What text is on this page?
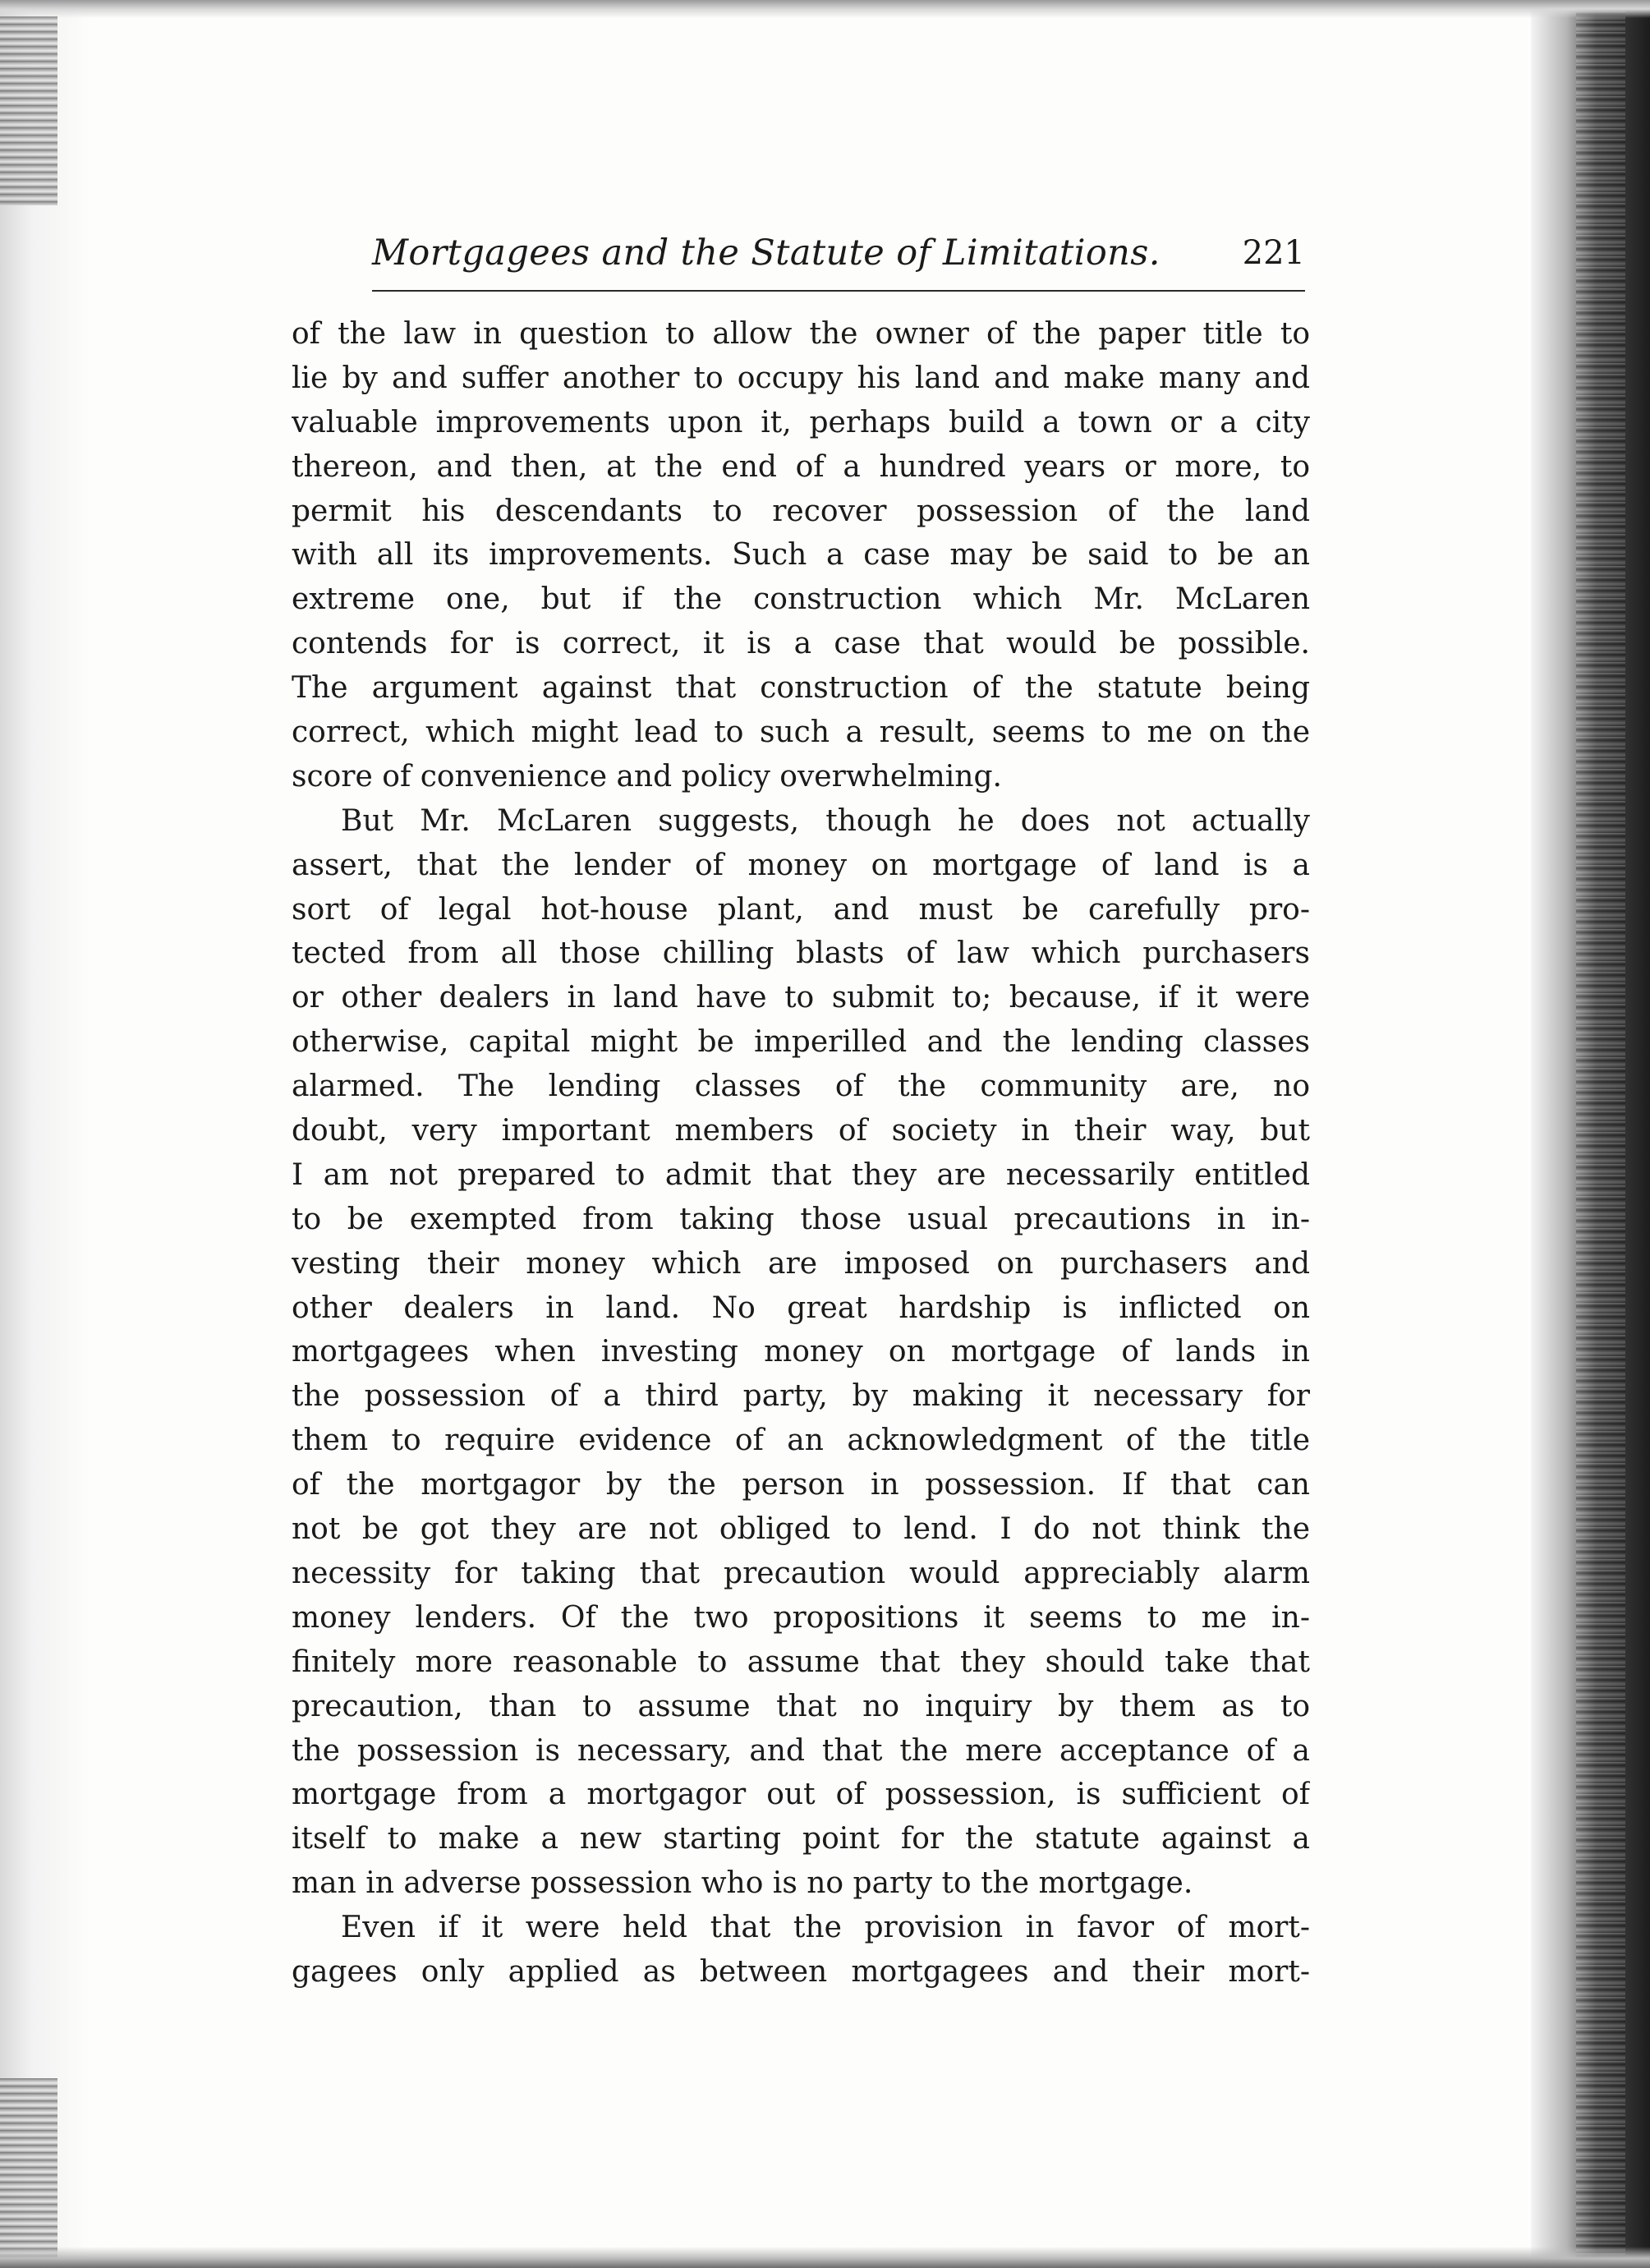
Mortgagees and the Statute of Limitations. 221
of the law in question to allow the owner of the paper title to
lie by and suffer another to occupy his land and make many and
valuable improvements upon it, perhaps build a town or a city
thereon, and then, at the end of a hundred years or more, to
permit his descendants to recover possession of the land
with all its improvements. Such a case may be said to be an
extreme one, but if the construction which Mr. McLaren
contends for is correct, it is a case that would be possible.
The argument against that construction of the statute being
correct, which might lead to such a result, seems to me on the
score of convenience and policy overwhelming.
But Mr. McLaren suggests, though he does not actually
assert, that the lender of money on mortgage of land is a
sort of legal hot-house plant, and must be carefully pro-
tected from all those chilling blasts of law which purchasers
or other dealers in land have to submit to; because, if it were
otherwise, capital might be imperilled and the lending classes
alarmed. The lending classes of the community are, no
doubt, very important members of society in their way, but
I am not prepared to admit that they are necessarily entitled
to be exempted from taking those usual precautions in in-
vesting their money which are imposed on purchasers and
other dealers in land. No great hardship is inflicted on
mortgagees when investing money on mortgage of lands in
the possession of a third party, by making it necessary for
them to require evidence of an acknowledgment of the title
of the mortgagor by the person in possession. If that can
not be got they are not obliged to lend. I do not think the
necessity for taking that precaution would appreciably alarm
money lenders. Of the two propositions it seems to me in-
finitely more reasonable to assume that they should take that
precaution, than to assume that no inquiry by them as to
the possession is necessary, and that the mere acceptance of a
mortgage from a mortgagor out of possession, is sufficient of
itself to make a new starting point for the statute against a
man in adverse possession who is no party to the mortgage.
Even if it were held that the provision in favor of mort-
gagees only applied as between mortgagees and their mort-
